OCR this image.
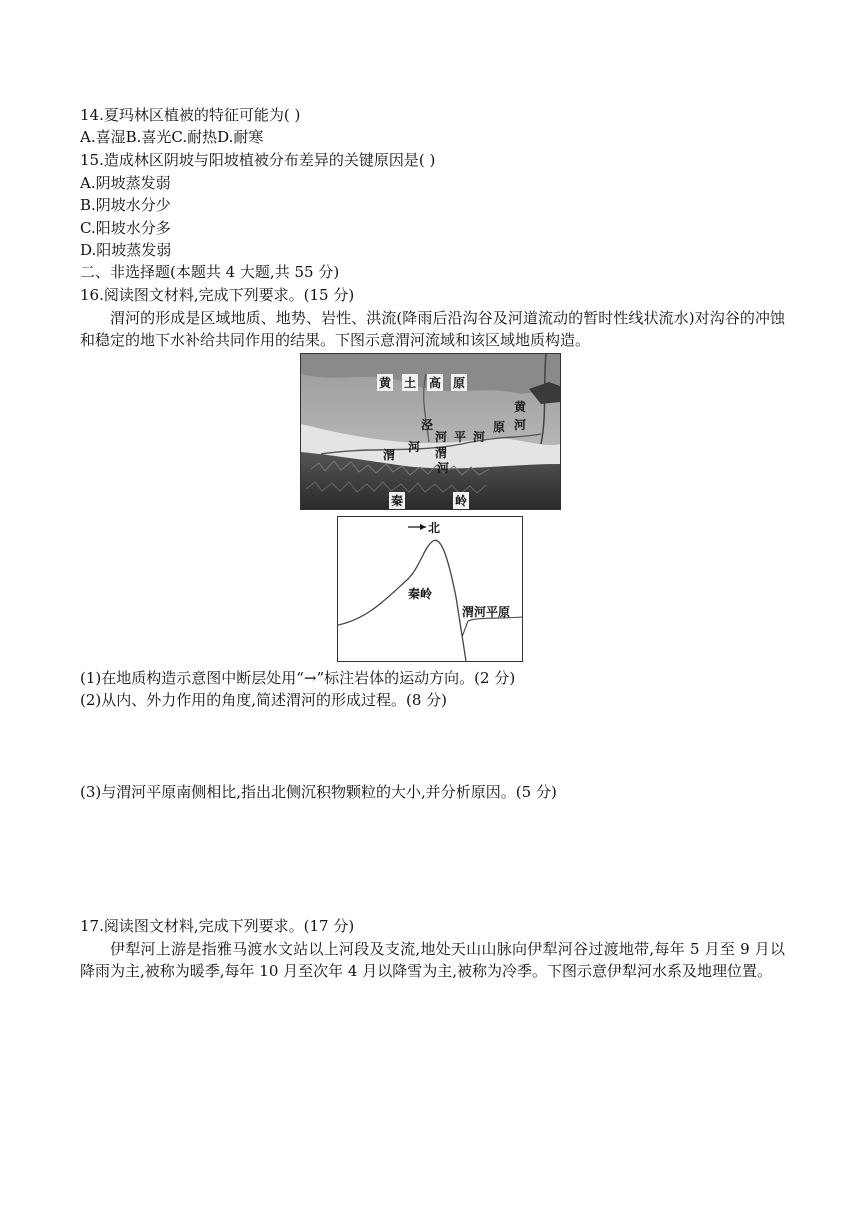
14.夏玛林区植被的特征可能为( )
A.喜湿B.喜光C.耐热D.耐寒
15.造成林区阴坡与阳坡植被分布差异的关键原因是( )
A.阴坡蒸发弱
B.阴坡水分少
C.阳坡水分多
D.阳坡蒸发弱
二、非选择题(本题共 4 大题,共 55 分)
16.阅读图文材料,完成下列要求。(15 分)
渭河的形成是区域地质、地势、岩性、洪流(降雨后沿沟谷及河道流动的暂时性线状流水)对沟谷的冲蚀和稳定的地下水补给共同作用的结果。下图示意渭河流域和该区域地质构造。
黄 土 高 原
泾
河
渭
河
渭
河
平 河
原
黄
河
秦	岭
北
秦岭
渭河平原
(1)在地质构造示意图中断层处用“→”标注岩体的运动方向。(2 分)
(2)从内、外力作用的角度,简述渭河的形成过程。(8 分)
(3)与渭河平原南侧相比,指出北侧沉积物颗粒的大小,并分析原因。(5 分)
17.阅读图文材料,完成下列要求。(17 分)
伊犁河上游是指雅马渡水文站以上河段及支流,地处天山山脉向伊犁河谷过渡地带,每年 5 月至 9 月以降雨为主,被称为暖季,每年 10 月至次年 4 月以降雪为主,被称为冷季。下图示意伊犁河水系及地理位置。
